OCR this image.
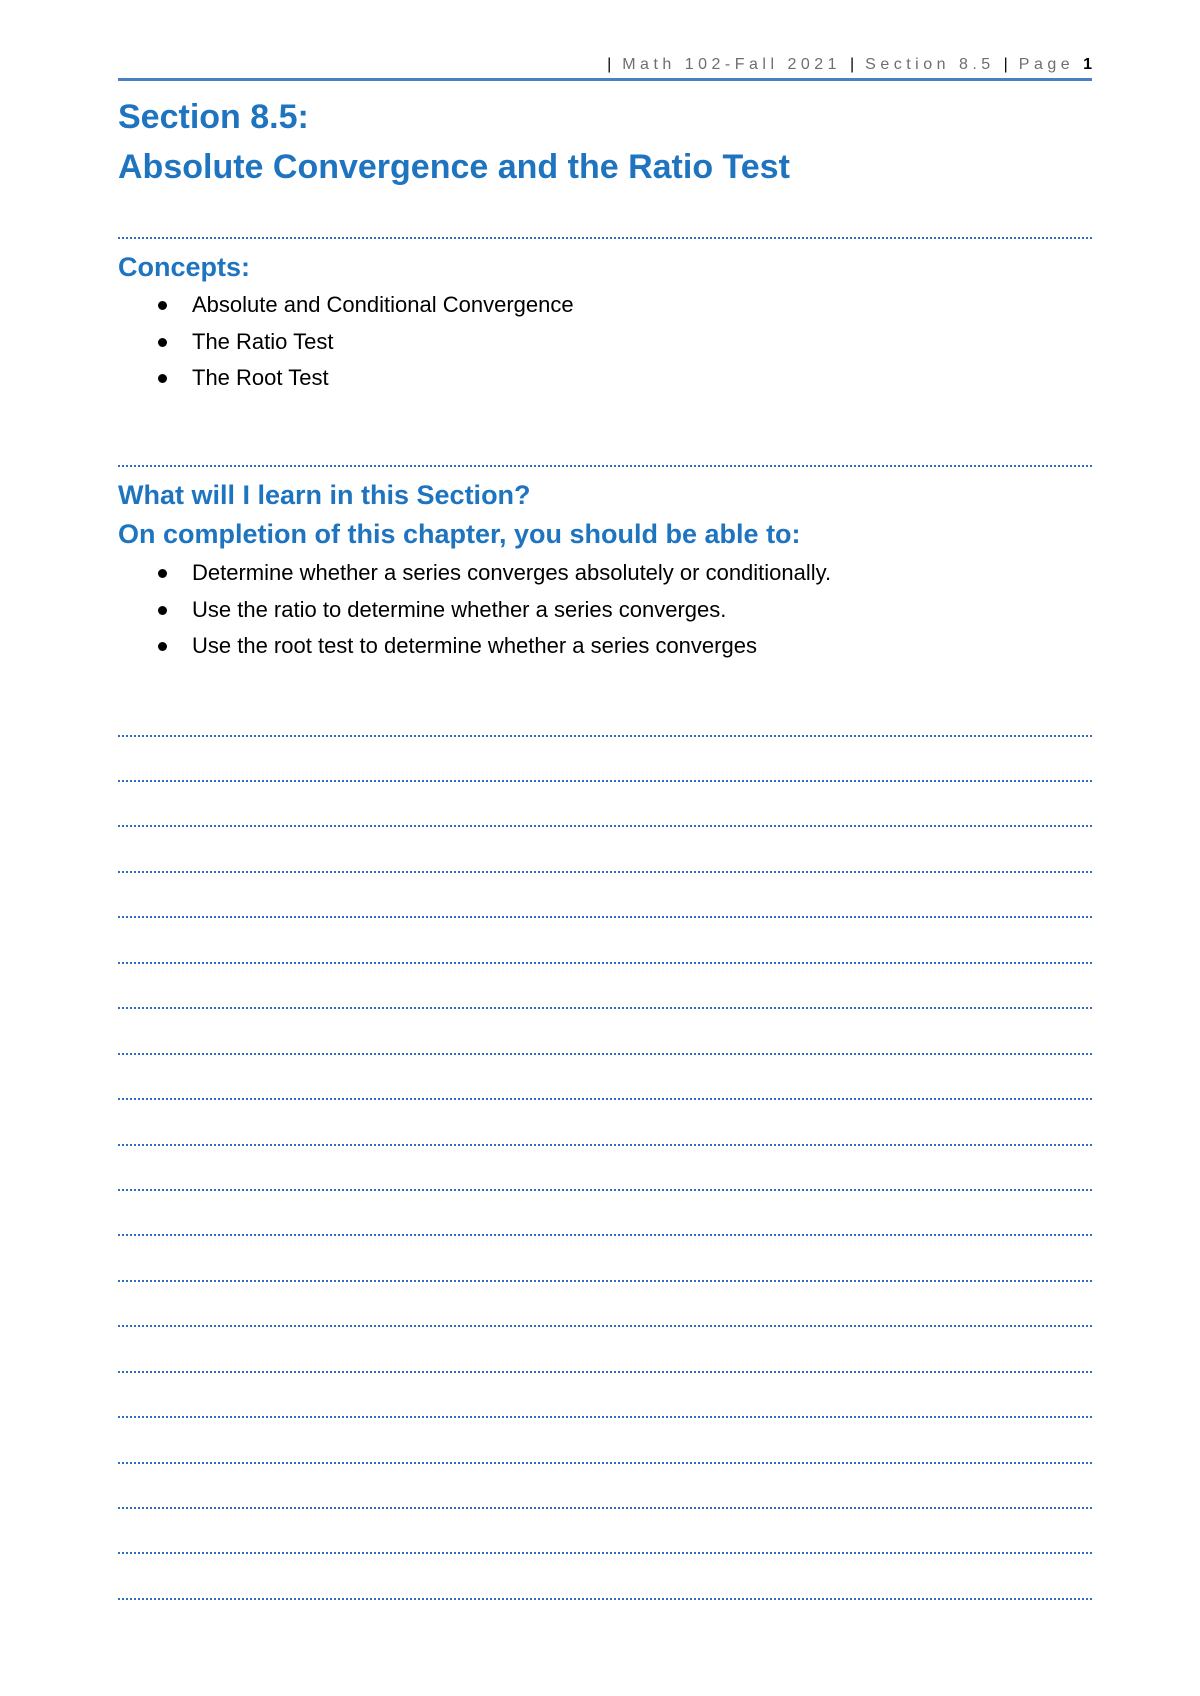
| Math 102-Fall 2021 | Section 8.5 | Page 1
Section 8.5:
Absolute Convergence and the Ratio Test
Concepts:
Absolute and Conditional Convergence
The Ratio Test
The Root Test
What will I learn in this Section?
On completion of this chapter, you should be able to:
Determine whether a series converges absolutely or conditionally.
Use the ratio to determine whether a series converges.
Use the root test to determine whether a series converges
